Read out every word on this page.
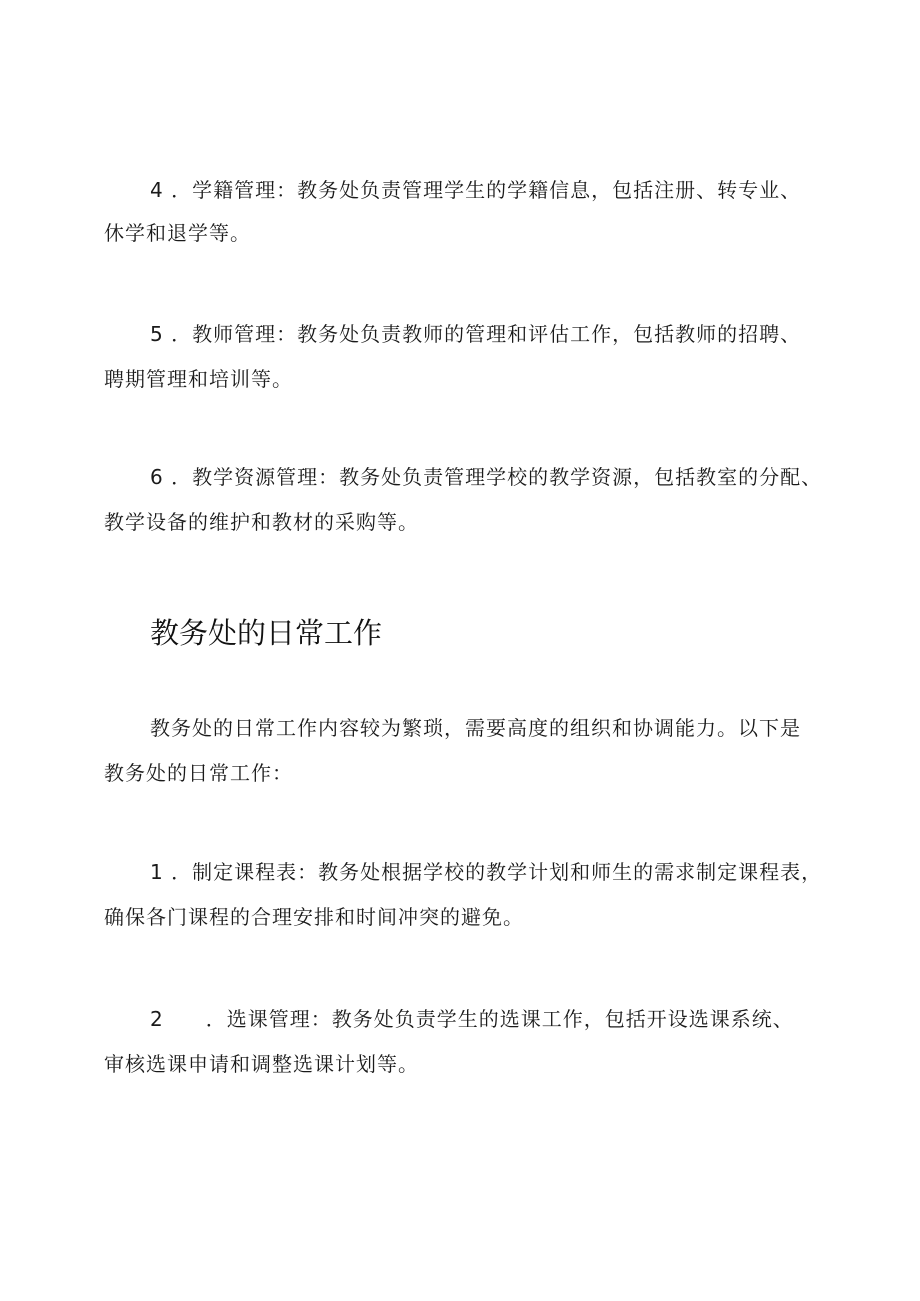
4 ．学籍管理：教务处负责管理学生的学籍信息，包括注册、转专业、
休学和退学等。
5 ．教师管理：教务处负责教师的管理和评估工作，包括教师的招聘、
聘期管理和培训等。
6 ．教学资源管理：教务处负责管理学校的教学资源，包括教室的分配、
教学设备的维护和教材的采购等。
教务处的日常工作
教务处的日常工作内容较为繁琐，需要高度的组织和协调能力。以下是
教务处的日常工作：
1 ．制定课程表：教务处根据学校的教学计划和师生的需求制定课程表，
确保各门课程的合理安排和时间冲突的避免。
2　　．选课管理：教务处负责学生的选课工作，包括开设选课系统、
审核选课申请和调整选课计划等。
